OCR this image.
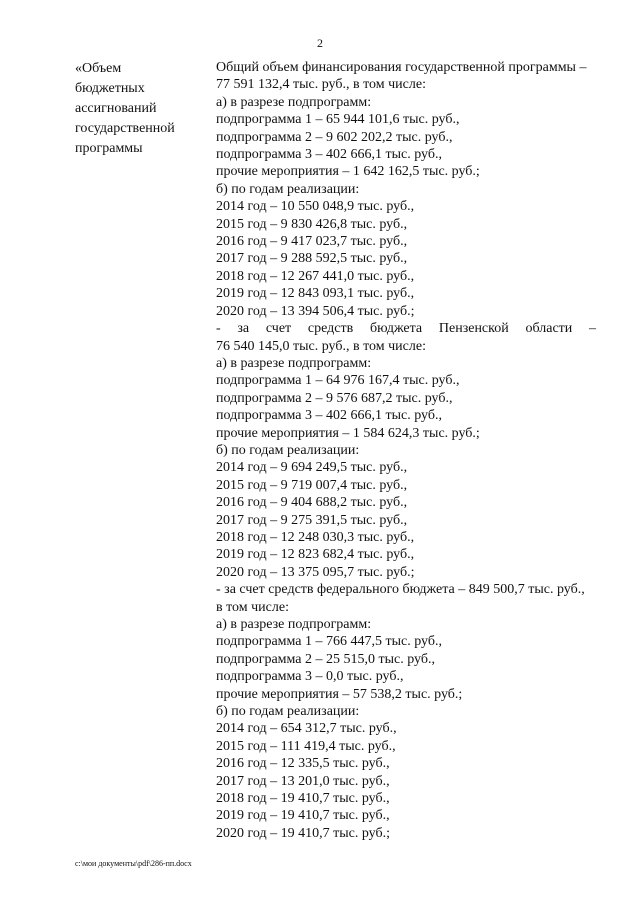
2
«Объем
бюджетных
ассигнований
государственной
программы
Общий объем финансирования государственной программы –
77 591 132,4 тыс. руб., в том числе:
а) в разрезе подпрограмм:
подпрограмма 1 – 65 944 101,6 тыс. руб.,
подпрограмма 2 – 9 602 202,2 тыс. руб.,
подпрограмма 3 – 402 666,1 тыс. руб.,
прочие мероприятия – 1 642 162,5 тыс. руб.;
б) по годам реализации:
2014 год – 10 550 048,9 тыс. руб.,
2015 год – 9 830 426,8 тыс. руб.,
2016 год – 9 417 023,7 тыс. руб.,
2017 год – 9 288 592,5 тыс. руб.,
2018 год – 12 267 441,0 тыс. руб.,
2019 год – 12 843 093,1 тыс. руб.,
2020 год – 13 394 506,4 тыс. руб.;
- за счет средств бюджета Пензенской области –
76 540 145,0 тыс. руб., в том числе:
а) в разрезе подпрограмм:
подпрограмма 1 – 64 976 167,4 тыс. руб.,
подпрограмма 2 – 9 576 687,2 тыс. руб.,
подпрограмма 3 – 402 666,1 тыс. руб.,
прочие мероприятия – 1 584 624,3 тыс. руб.;
б) по годам реализации:
2014 год – 9 694 249,5 тыс. руб.,
2015 год – 9 719 007,4 тыс. руб.,
2016 год – 9 404 688,2 тыс. руб.,
2017 год – 9 275 391,5 тыс. руб.,
2018 год – 12 248 030,3 тыс. руб.,
2019 год – 12 823 682,4 тыс. руб.,
2020 год – 13 375 095,7 тыс. руб.;
- за счет средств федерального бюджета – 849 500,7 тыс. руб.,
в том числе:
а) в разрезе подпрограмм:
подпрограмма 1 – 766 447,5 тыс. руб.,
подпрограмма 2 – 25 515,0 тыс. руб.,
подпрограмма 3 – 0,0 тыс. руб.,
прочие мероприятия – 57 538,2 тыс. руб.;
б) по годам реализации:
2014 год – 654 312,7 тыс. руб.,
2015 год – 111 419,4 тыс. руб.,
2016 год – 12 335,5 тыс. руб.,
2017 год – 13 201,0 тыс. руб.,
2018 год – 19 410,7 тыс. руб.,
2019 год – 19 410,7 тыс. руб.,
2020 год – 19 410,7 тыс. руб.;
c:\мои документы\pdf\286-пп.docx
